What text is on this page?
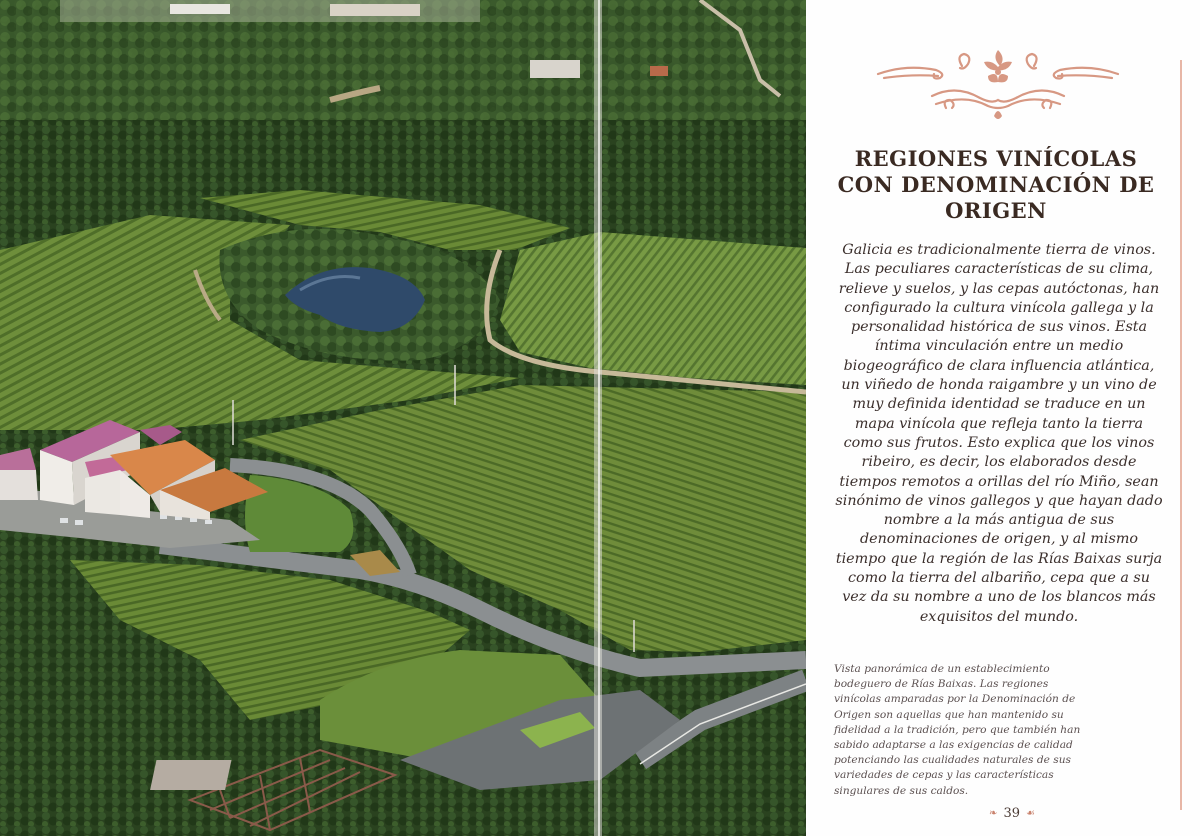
REGIONES VINÍCOLAS CON DENOMINACIÓN DE ORIGEN

Galicia es tradicionalmente tierra de vinos. Las peculiares características de su clima, relieve y suelos, y las cepas autóctonas, han configurado la cultura vinícola gallega y la personalidad histórica de sus vinos. Esta íntima vinculación entre un medio biogeográfico de clara influencia atlántica, un viñedo de honda raigambre y un vino de muy definida identidad se traduce en un mapa vinícola que refleja tanto la tierra como sus frutos. Esto explica que los vinos ribeiro, es decir, los elaborados desde tiempos remotos a orillas del río Miño, sean sinónimo de vinos gallegos y que hayan dado nombre a la más antigua de sus denominaciones de origen, y al mismo tiempo que la región de las Rías Baixas surja como la tierra del albariño, cepa que a su vez da su nombre a uno de los blancos más exquisitos del mundo.

Vista panorámica de un establecimiento bodeguero de Rías Baixas. Las regiones vinícolas amparadas por la Denominación de Origen son aquellas que han mantenido su fidelidad a la tradición, pero que también han sabido adaptarse a las exigencias de calidad potenciando las cualidades naturales de sus variedades de cepas y las características singulares de sus caldos.

❧ 39 ☙
